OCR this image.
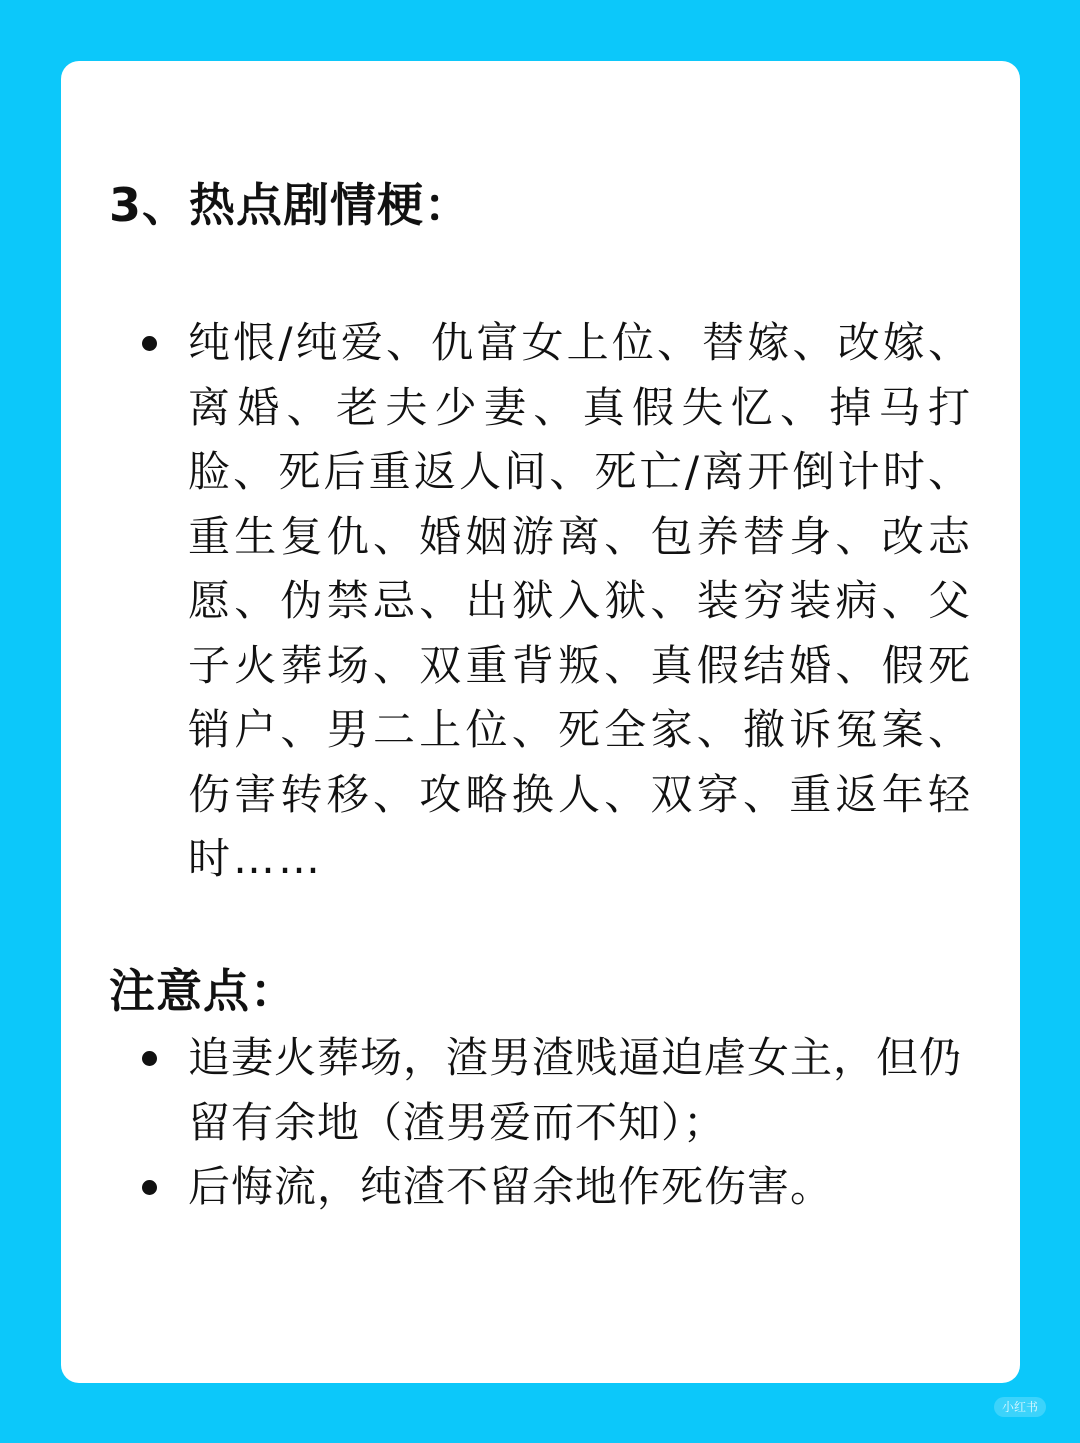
3、热点剧情梗：
纯恨/纯爱、仇富女上位、替嫁、改嫁、离婚、老夫少妻、真假失忆、掉马打脸、死后重返人间、死亡/离开倒计时、重生复仇、婚姻游离、包养替身、改志愿、伪禁忌、出狱入狱、装穷装病、父子火葬场、双重背叛、真假结婚、假死销户、男二上位、死全家、撤诉冤案、伤害转移、攻略换人、双穿、重返年轻时……
注意点：
追妻火葬场，渣男渣贱逼迫虐女主，但仍留有余地（渣男爱而不知）；
后悔流，纯渣不留余地作死伤害。
小红书
